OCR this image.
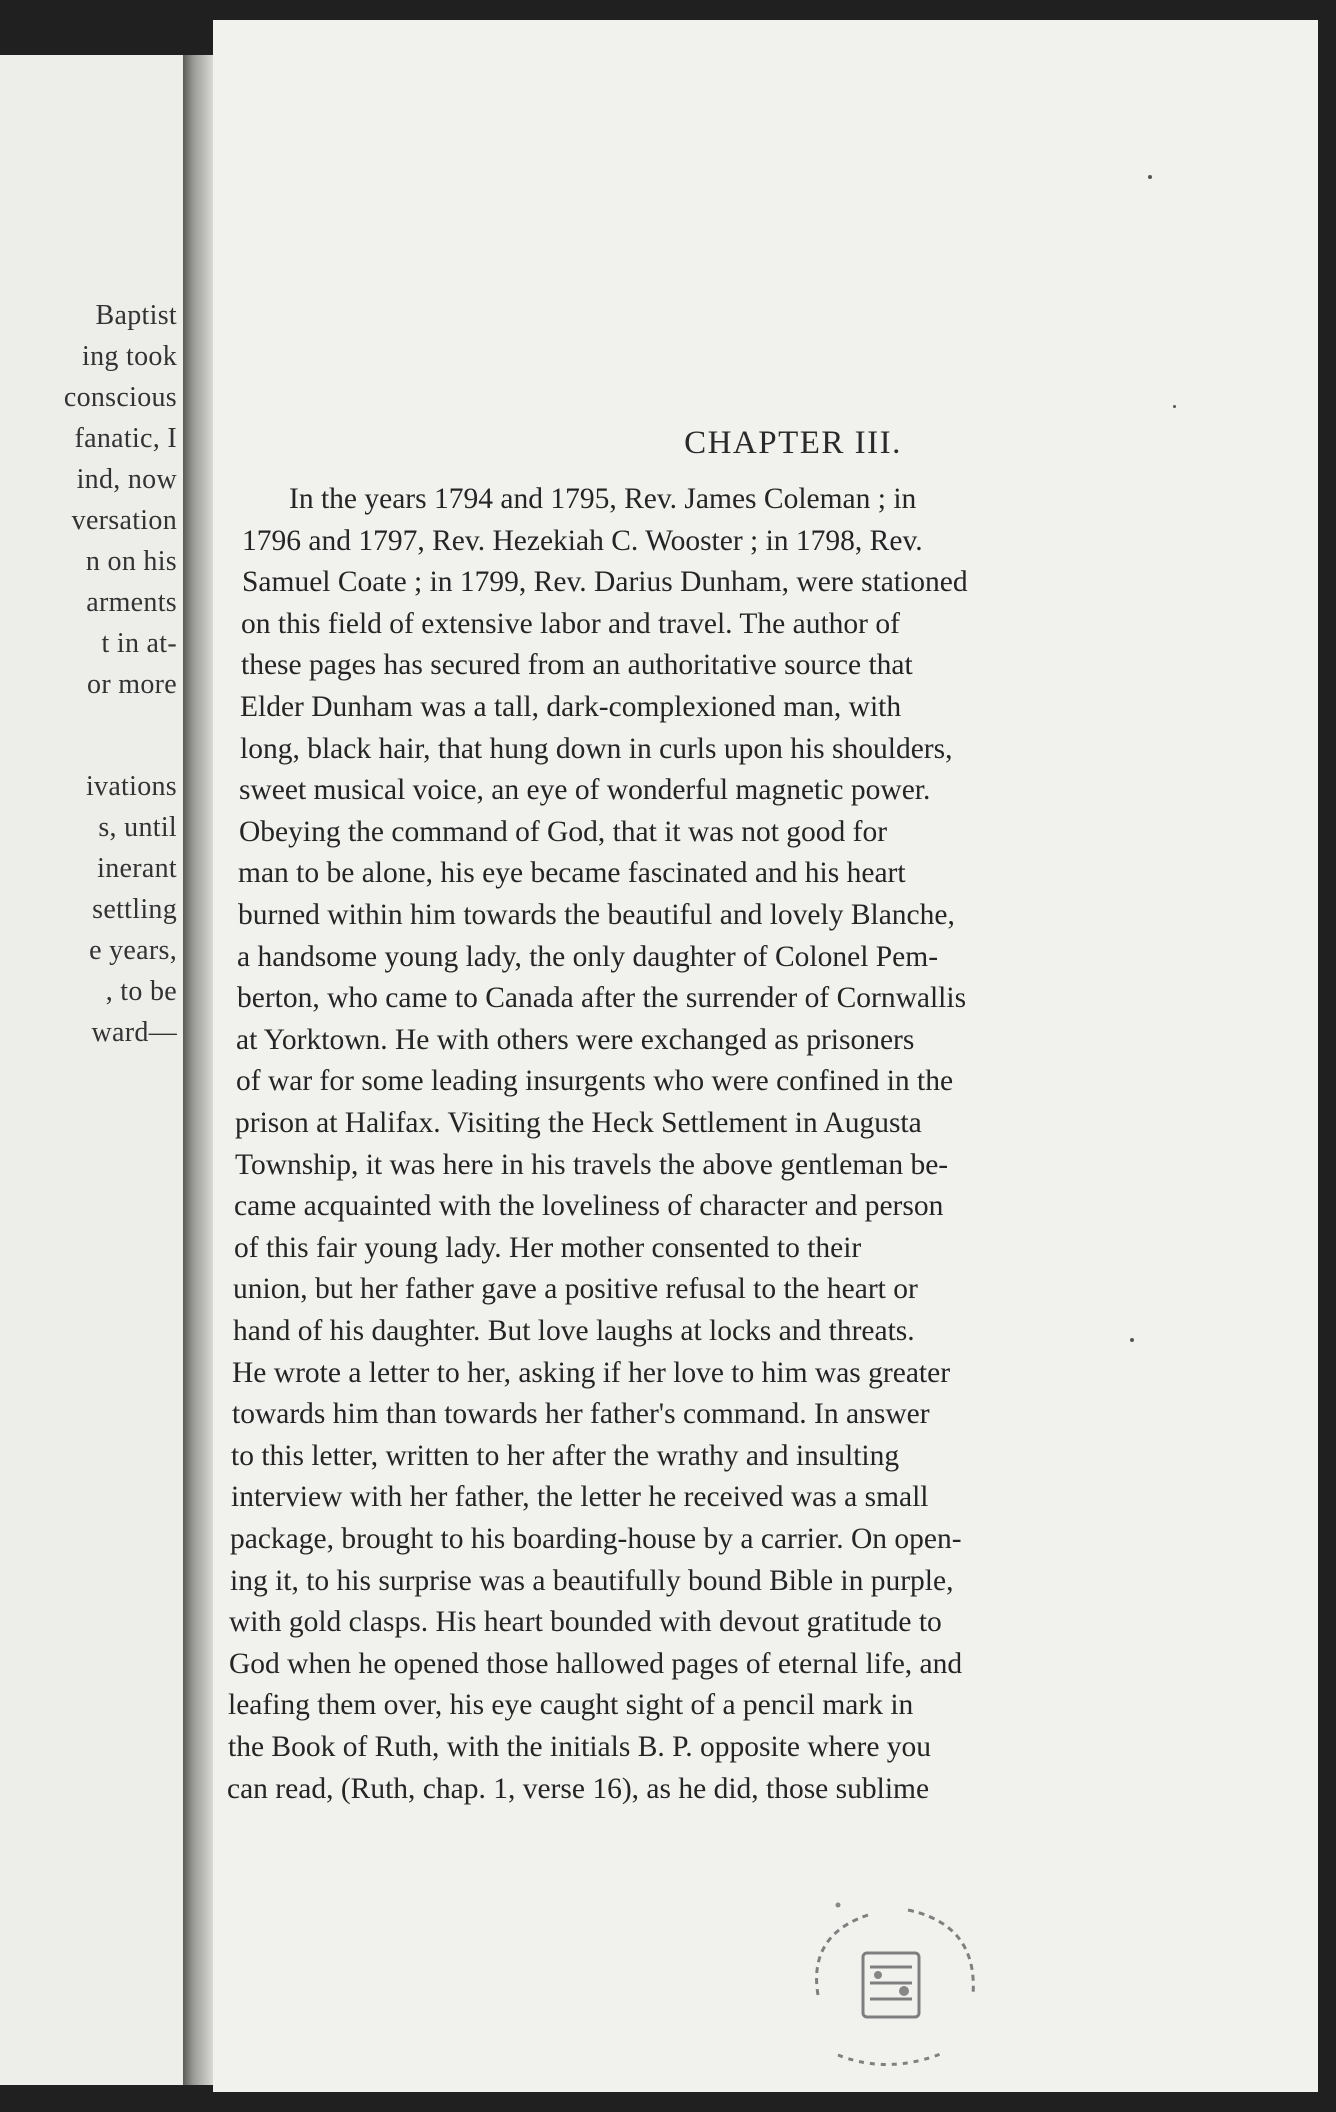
Baptist
ing took
conscious
fanatic, I
ind, now
versation
n on his
arments
t in at-
or more
ivations
s, until
inerant
settling
e years,
, to be
ward—
CHAPTER III.
In the years 1794 and 1795, Rev. James Coleman ; in
1796 and 1797, Rev. Hezekiah C. Wooster ; in 1798, Rev.
Samuel Coate ; in 1799, Rev. Darius Dunham, were stationed
on this field of extensive labor and travel. The author of
these pages has secured from an authoritative source that
Elder Dunham was a tall, dark-complexioned man, with
long, black hair, that hung down in curls upon his shoulders,
sweet musical voice, an eye of wonderful magnetic power.
Obeying the command of God, that it was not good for
man to be alone, his eye became fascinated and his heart
burned within him towards the beautiful and lovely Blanche,
a handsome young lady, the only daughter of Colonel Pem-
berton, who came to Canada after the surrender of Cornwallis
at Yorktown. He with others were exchanged as prisoners
of war for some leading insurgents who were confined in the
prison at Halifax. Visiting the Heck Settlement in Augusta
Township, it was here in his travels the above gentleman be-
came acquainted with the loveliness of character and person
of this fair young lady. Her mother consented to their
union, but her father gave a positive refusal to the heart or
hand of his daughter. But love laughs at locks and threats.
He wrote a letter to her, asking if her love to him was greater
towards him than towards her father's command. In answer
to this letter, written to her after the wrathy and insulting
interview with her father, the letter he received was a small
package, brought to his boarding-house by a carrier. On open-
ing it, to his surprise was a beautifully bound Bible in purple,
with gold clasps. His heart bounded with devout gratitude to
God when he opened those hallowed pages of eternal life, and
leafing them over, his eye caught sight of a pencil mark in
the Book of Ruth, with the initials B. P. opposite where you
can read, (Ruth, chap. 1, verse 16), as he did, those sublime
